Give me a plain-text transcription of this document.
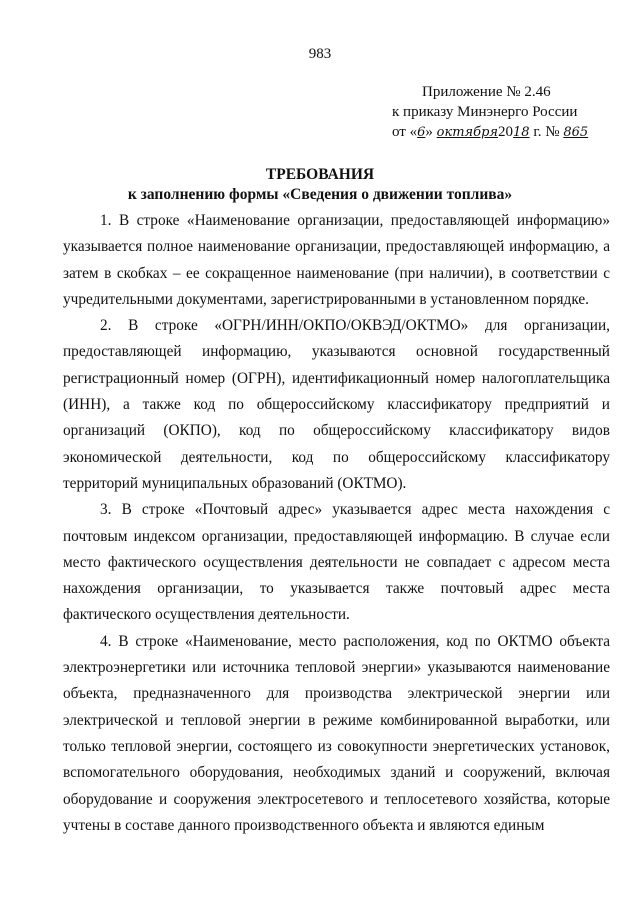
983
Приложение № 2.46
к приказу Минэнерго России
от «6» октября2018 г. № 865
ТРЕБОВАНИЯ
к заполнению формы «Сведения о движении топлива»

1. В строке «Наименование организации, предоставляющей информацию» указывается полное наименование организации, предоставляющей информацию, а затем в скобках – ее сокращенное наименование (при наличии), в соответствии с учредительными документами, зарегистрированными в установленном порядке.

2. В строке «ОГРН/ИНН/ОКПО/ОКВЭД/ОКТМО» для организации, предоставляющей информацию, указываются основной государственный регистрационный номер (ОГРН), идентификационный номер налогоплательщика (ИНН), а также код по общероссийскому классификатору предприятий и организаций (ОКПО), код по общероссийскому классификатору видов экономической деятельности, код по общероссийскому классификатору территорий муниципальных образований (ОКТМО).

3. В строке «Почтовый адрес» указывается адрес места нахождения с почтовым индексом организации, предоставляющей информацию. В случае если место фактического осуществления деятельности не совпадает с адресом места нахождения организации, то указывается также почтовый адрес места фактического осуществления деятельности.

4. В строке «Наименование, место расположения, код по ОКТМО объекта электроэнергетики или источника тепловой энергии» указываются наименование объекта, предназначенного для производства электрической энергии или электрической и тепловой энергии в режиме комбинированной выработки, или только тепловой энергии, состоящего из совокупности энергетических установок, вспомогательного оборудования, необходимых зданий и сооружений, включая оборудование и сооружения электросетевого и теплосетевого хозяйства, которые учтены в составе данного производственного объекта и являются единым
